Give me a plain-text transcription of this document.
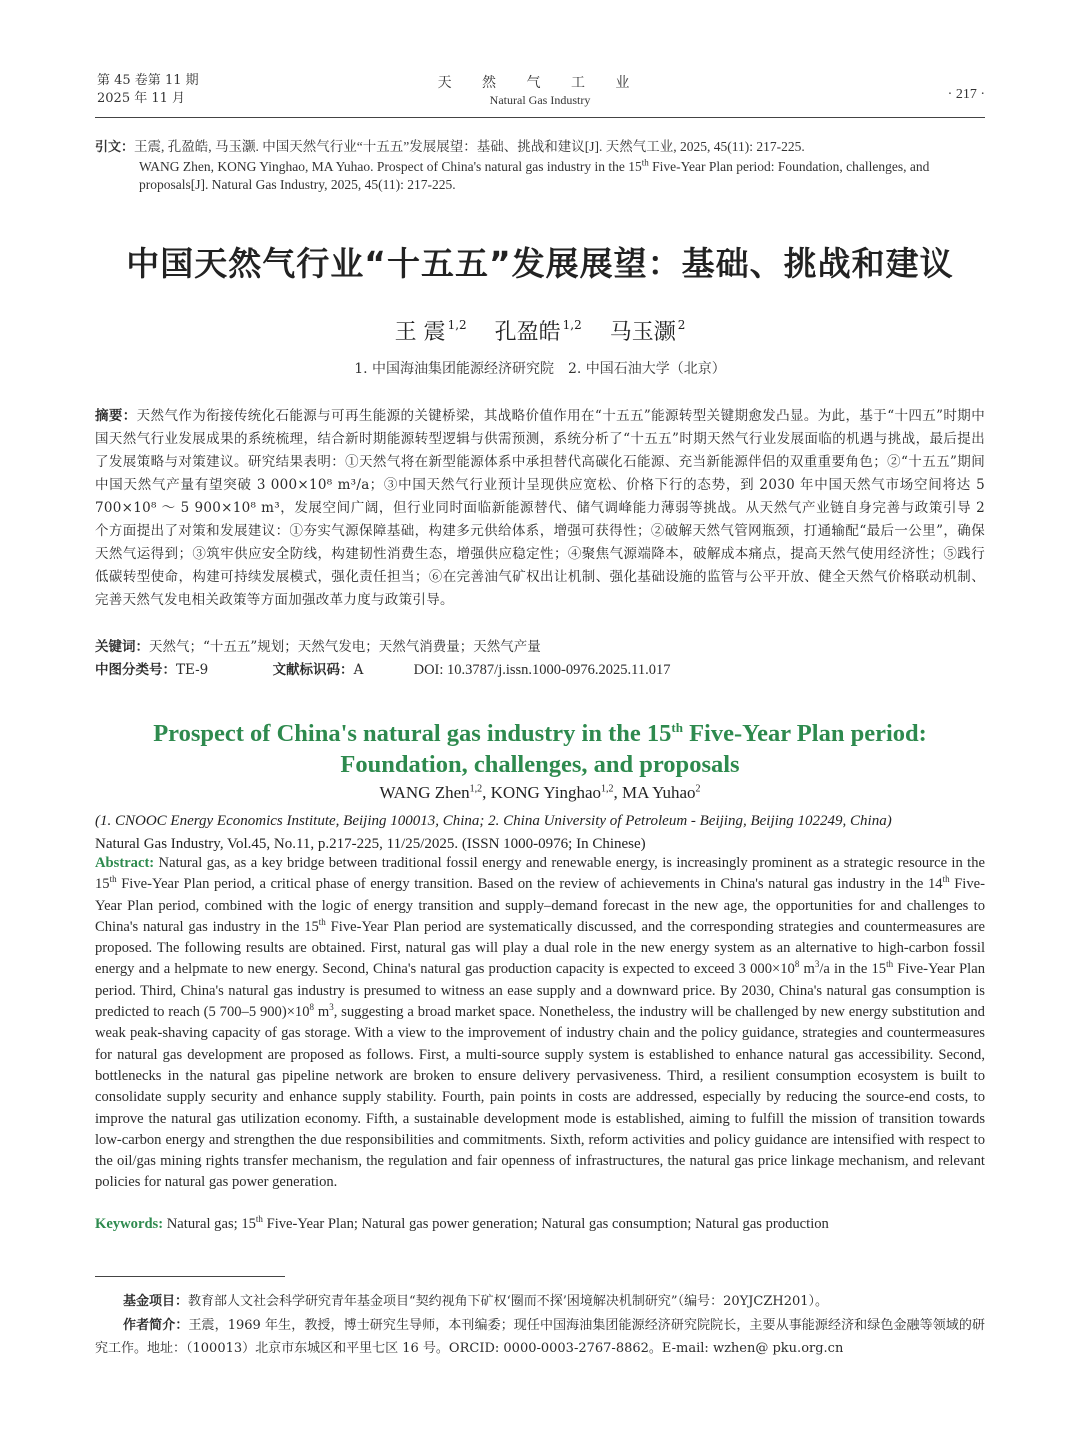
第 45 卷第 11 期
2025 年 11 月
天 然 气 工 业
Natural Gas Industry	· 217 ·
引文：王震, 孔盈皓, 马玉灏. 中国天然气行业“十五五”发展展望：基础、挑战和建议[J]. 天然气工业, 2025, 45(11): 217-225.
WANG Zhen, KONG Yinghao, MA Yuhao. Prospect of China's natural gas industry in the 15th Five-Year Plan period: Foundation, challenges, and proposals[J]. Natural Gas Industry, 2025, 45(11): 217-225.
中国天然气行业“十五五”发展展望：基础、挑战和建议
王 震 $^{1,2}$ 孔盈皓 $^{1,2}$ 马玉灏 $^2$
1. 中国海油集团能源经济研究院　2. 中国石油大学（北京）
摘要：天然气作为衔接传统化石能源与可再生能源的关键桥梁，其战略价值作用在“十五五”能源转型关键期愈发凸显。为此，基于“十四五”时期中国天然气行业发展成果的系统梳理，结合新时期能源转型逻辑与供需预测，系统分析了“十五五”时期天然气行业发展面临的机遇与挑战，最后提出了发展策略与对策建议。研究结果表明：①天然气将在新型能源体系中承担替代高碳化石能源、充当新能源伴侣的双重重要角色；②“十五五”期间中国天然气产量有望突破 3 000×10⁸ m³/a；③中国天然气行业预计呈现供应宽松、价格下行的态势，到 2030 年中国天然气市场空间将达 5 700×10⁸ ～ 5 900×10⁸ m³，发展空间广阔，但行业同时面临新能源替代、储气调峰能力薄弱等挑战。从天然气产业链自身完善与政策引导 2 个方面提出了对策和发展建议：①夯实气源保障基础，构建多元供给体系，增强可获得性；②破解天然气管网瓶颈，打通输配“最后一公里”，确保天然气运得到；③筑牢供应安全防线，构建韧性消费生态，增强供应稳定性；④聚焦气源端降本，破解成本痛点，提高天然气使用经济性；⑤践行低碳转型使命，构建可持续发展模式，强化责任担当；⑥在完善油气矿权出让机制、强化基础设施的监管与公平开放、健全天然气价格联动机制、完善天然气发电相关政策等方面加强改革力度与政策引导。
关键词：天然气；“十五五”规划；天然气发电；天然气消费量；天然气产量
中图分类号：TE-9	文献标识码：A	DOI: 10.3787/j.issn.1000-0976.2025.11.017
Prospect of China's natural gas industry in the 15th Five-Year Plan period:
Foundation, challenges, and proposals
WANG Zhen$^{1,2}$, KONG Yinghao$^{1,2}$, MA Yuhao$^2$
(1. CNOOC Energy Economics Institute, Beijing 100013, China; 2. China University of Petroleum - Beijing, Beijing 102249, China)
Natural Gas Industry, Vol.45, No.11, p.217-225, 11/25/2025. (ISSN 1000-0976; In Chinese)
Abstract: Natural gas, as a key bridge between traditional fossil energy and renewable energy, is increasingly prominent as a strategic resource in the 15th Five-Year Plan period, a critical phase of energy transition. Based on the review of achievements in China's natural gas industry in the 14th Five-Year Plan period, combined with the logic of energy transition and supply–demand forecast in the new age, the opportunities for and challenges to China's natural gas industry in the 15th Five-Year Plan period are systematically discussed, and the corresponding strategies and countermeasures are proposed. The following results are obtained. First, natural gas will play a dual role in the new energy system as an alternative to high-carbon fossil energy and a helpmate to new energy. Second, China's natural gas production capacity is expected to exceed 3 $000\times 10^8$ $m^3/a$ in the 15th Five-Year Plan period. Third, China's natural gas industry is presumed to witness an ease supply and a downward price. By 2030, China's natural gas consumption is predicted to reach (5 700–5 $900)\times 10^8$ $m^3$, suggesting a broad market space. Nonetheless, the industry will be challenged by new energy substitution and weak peak-shaving capacity of gas storage. With a view to the improvement of industry chain and the policy guidance, strategies and countermeasures for natural gas development are proposed as follows. First, a multi-source supply system is established to enhance natural gas accessibility. Second, bottlenecks in the natural gas pipeline network are broken to ensure delivery pervasiveness. Third, a resilient consumption ecosystem is built to consolidate supply security and enhance supply stability. Fourth, pain points in costs are addressed, especially by reducing the source-end costs, to improve the natural gas utilization economy. Fifth, a sustainable development mode is established, aiming to fulfill the mission of transition towards low-carbon energy and strengthen the due responsibilities and commitments. Sixth, reform activities and policy guidance are intensified with respect to the oil/gas mining rights transfer mechanism, the regulation and fair openness of infrastructures, the natural gas price linkage mechanism, and relevant policies for natural gas power generation.
Keywords: Natural gas; 15th Five-Year Plan; Natural gas power generation; Natural gas consumption; Natural gas production
基金项目：教育部人文社会科学研究青年基金项目“契约视角下矿权‘圈而不探’困境解决机制研究”（编号：20YJCZH201）。
作者简介：王震，1969 年生，教授，博士研究生导师，本刊编委；现任中国海油集团能源经济研究院院长，主要从事能源经济和绿色金融等领域的研究工作。地址：（100013）北京市东城区和平里七区 16 号。ORCID: 0000-0003-2767-8862。E-mail: wzhen@ pku.org.cn
